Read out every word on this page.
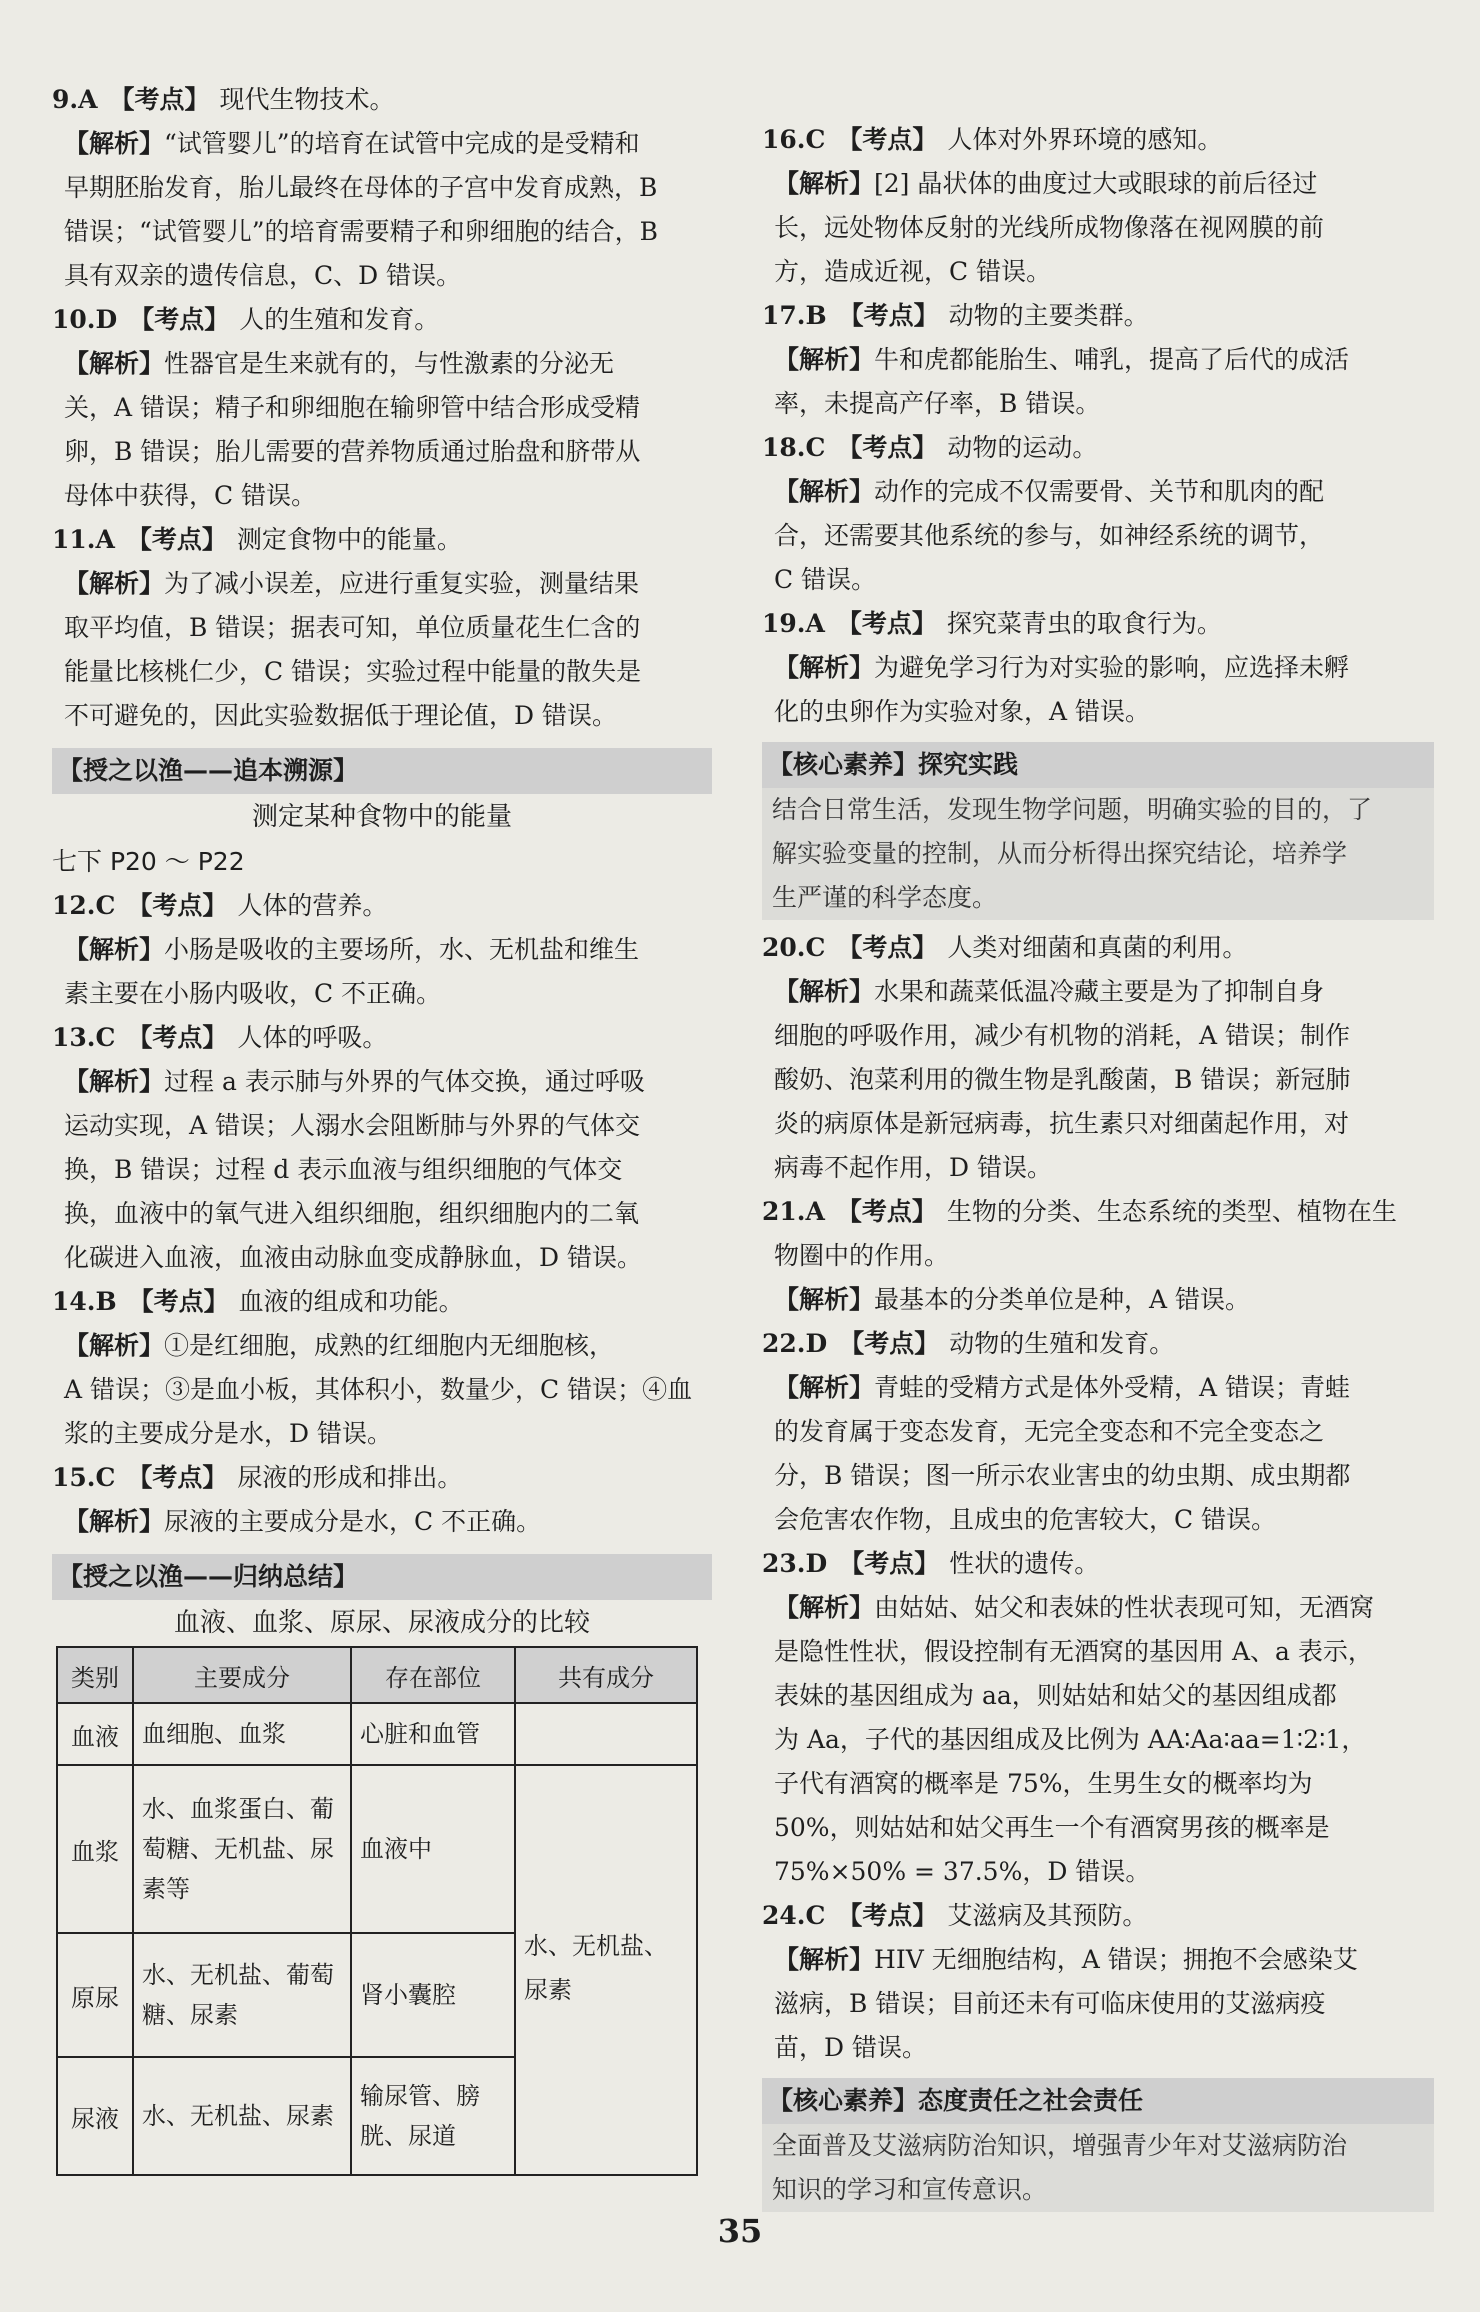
9.A 【考点】 现代生物技术。
【解析】“试管婴儿”的培育在试管中完成的是受精和
早期胚胎发育，胎儿最终在母体的子宫中发育成熟，B
错误；“试管婴儿”的培育需要精子和卵细胞的结合，B
具有双亲的遗传信息，C、D 错误。
10.D 【考点】 人的生殖和发育。
【解析】性器官是生来就有的，与性激素的分泌无
关，A 错误；精子和卵细胞在输卵管中结合形成受精
卵，B 错误；胎儿需要的营养物质通过胎盘和脐带从
母体中获得，C 错误。
11.A 【考点】 测定食物中的能量。
【解析】为了减小误差，应进行重复实验，测量结果
取平均值，B 错误；据表可知，单位质量花生仁含的
能量比核桃仁少，C 错误；实验过程中能量的散失是
不可避免的，因此实验数据低于理论值，D 错误。
【授之以渔——追本溯源】
测定某种食物中的能量
七下 P20 ～ P22
12.C 【考点】 人体的营养。
【解析】小肠是吸收的主要场所，水、无机盐和维生
素主要在小肠内吸收，C 不正确。
13.C 【考点】 人体的呼吸。
【解析】过程 a 表示肺与外界的气体交换，通过呼吸
运动实现，A 错误；人溺水会阻断肺与外界的气体交
换，B 错误；过程 d 表示血液与组织细胞的气体交
换，血液中的氧气进入组织细胞，组织细胞内的二氧
化碳进入血液，血液由动脉血变成静脉血，D 错误。
14.B 【考点】 血液的组成和功能。
【解析】①是红细胞，成熟的红细胞内无细胞核，
A 错误；③是血小板，其体积小，数量少，C 错误；④血
浆的主要成分是水，D 错误。
15.C 【考点】 尿液的形成和排出。
【解析】尿液的主要成分是水，C 不正确。
【授之以渔——归纳总结】
血液、血浆、原尿、尿液成分的比较
类别	主要成分	存在部位	共有成分
血液	血细胞、血浆	心脏和血管	
血浆	水、血浆蛋白、葡萄糖、无机盐、尿素等	血液中	水、无机盐、尿素
原尿	水、无机盐、葡萄糖、尿素	肾小囊腔	
尿液	水、无机盐、尿素	输尿管、膀胱、尿道	
16.C 【考点】 人体对外界环境的感知。
【解析】[2] 晶状体的曲度过大或眼球的前后径过
长，远处物体反射的光线所成物像落在视网膜的前
方，造成近视，C 错误。
17.B 【考点】 动物的主要类群。
【解析】牛和虎都能胎生、哺乳，提高了后代的成活
率，未提高产仔率，B 错误。
18.C 【考点】 动物的运动。
【解析】动作的完成不仅需要骨、关节和肌肉的配
合，还需要其他系统的参与，如神经系统的调节，
C 错误。
19.A 【考点】 探究菜青虫的取食行为。
【解析】为避免学习行为对实验的影响，应选择未孵
化的虫卵作为实验对象，A 错误。
【核心素养】探究实践
结合日常生活，发现生物学问题，明确实验的目的，了
解实验变量的控制，从而分析得出探究结论，培养学
生严谨的科学态度。
20.C 【考点】 人类对细菌和真菌的利用。
【解析】水果和蔬菜低温冷藏主要是为了抑制自身
细胞的呼吸作用，减少有机物的消耗，A 错误；制作
酸奶、泡菜利用的微生物是乳酸菌，B 错误；新冠肺
炎的病原体是新冠病毒，抗生素只对细菌起作用，对
病毒不起作用，D 错误。
21.A 【考点】 生物的分类、生态系统的类型、植物在生
物圈中的作用。
【解析】最基本的分类单位是种，A 错误。
22.D 【考点】 动物的生殖和发育。
【解析】青蛙的受精方式是体外受精，A 错误；青蛙
的发育属于变态发育，无完全变态和不完全变态之
分，B 错误；图一所示农业害虫的幼虫期、成虫期都
会危害农作物，且成虫的危害较大，C 错误。
23.D 【考点】 性状的遗传。
【解析】由姑姑、姑父和表妹的性状表现可知，无酒窝
是隐性性状，假设控制有无酒窝的基因用 A、a 表示，
表妹的基因组成为 aa，则姑姑和姑父的基因组成都
为 Aa，子代的基因组成及比例为 AA∶Aa∶aa=1∶2∶1，
子代有酒窝的概率是 75%，生男生女的概率均为
50%，则姑姑和姑父再生一个有酒窝男孩的概率是
75%×50% = 37.5%，D 错误。
24.C 【考点】 艾滋病及其预防。
【解析】HIV 无细胞结构，A 错误；拥抱不会感染艾
滋病，B 错误；目前还未有可临床使用的艾滋病疫
苗，D 错误。
【核心素养】态度责任之社会责任
全面普及艾滋病防治知识，增强青少年对艾滋病防治
知识的学习和宣传意识。
35
